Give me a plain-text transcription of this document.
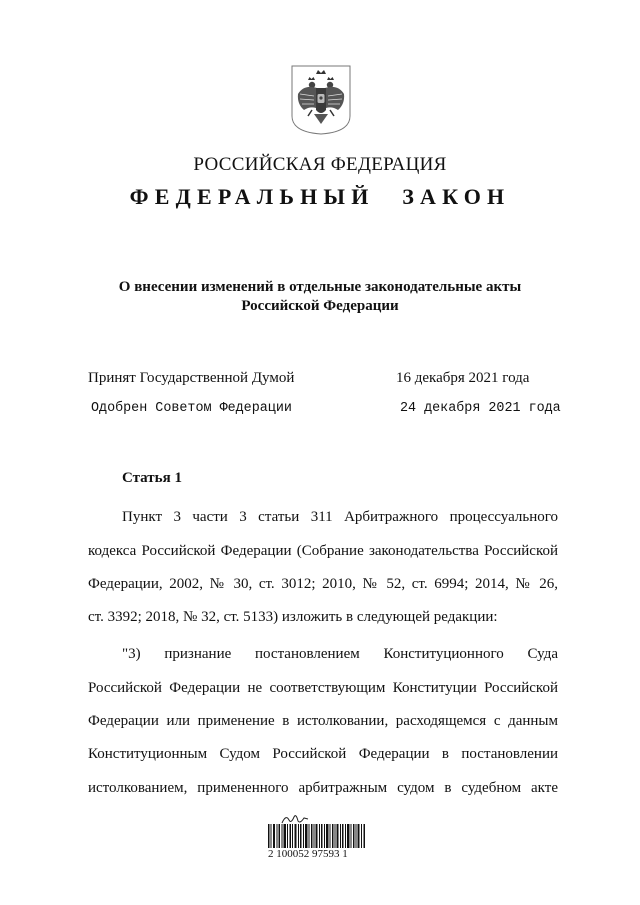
РОССИЙСКАЯ ФЕДЕРАЦИЯ
ФЕДЕРАЛЬНЫЙ ЗАКОН
О внесении изменений в отдельные законодательные акты
Российской Федерации
Принят Государственной Думой	16 декабря 2021 года
Одобрен Советом Федерации	24 декабря 2021 года
Статья 1
Пункт 3 части 3 статьи 311 Арбитражного процессуального
кодекса Российской Федерации (Собрание законодательства Российской
Федерации, 2002, № 30, ст. 3012; 2010, № 52, ст. 6994; 2014, № 26,
ст. 3392; 2018, № 32, ст. 5133) изложить в следующей редакции:
"3) признание постановлением Конституционного Суда
Российской Федерации не соответствующим Конституции Российской
Федерации или применение в истолковании, расходящемся с данным
Конституционным Судом Российской Федерации в постановлении
истолкованием, примененного арбитражным судом в судебном акте
2 100052 97593 1
